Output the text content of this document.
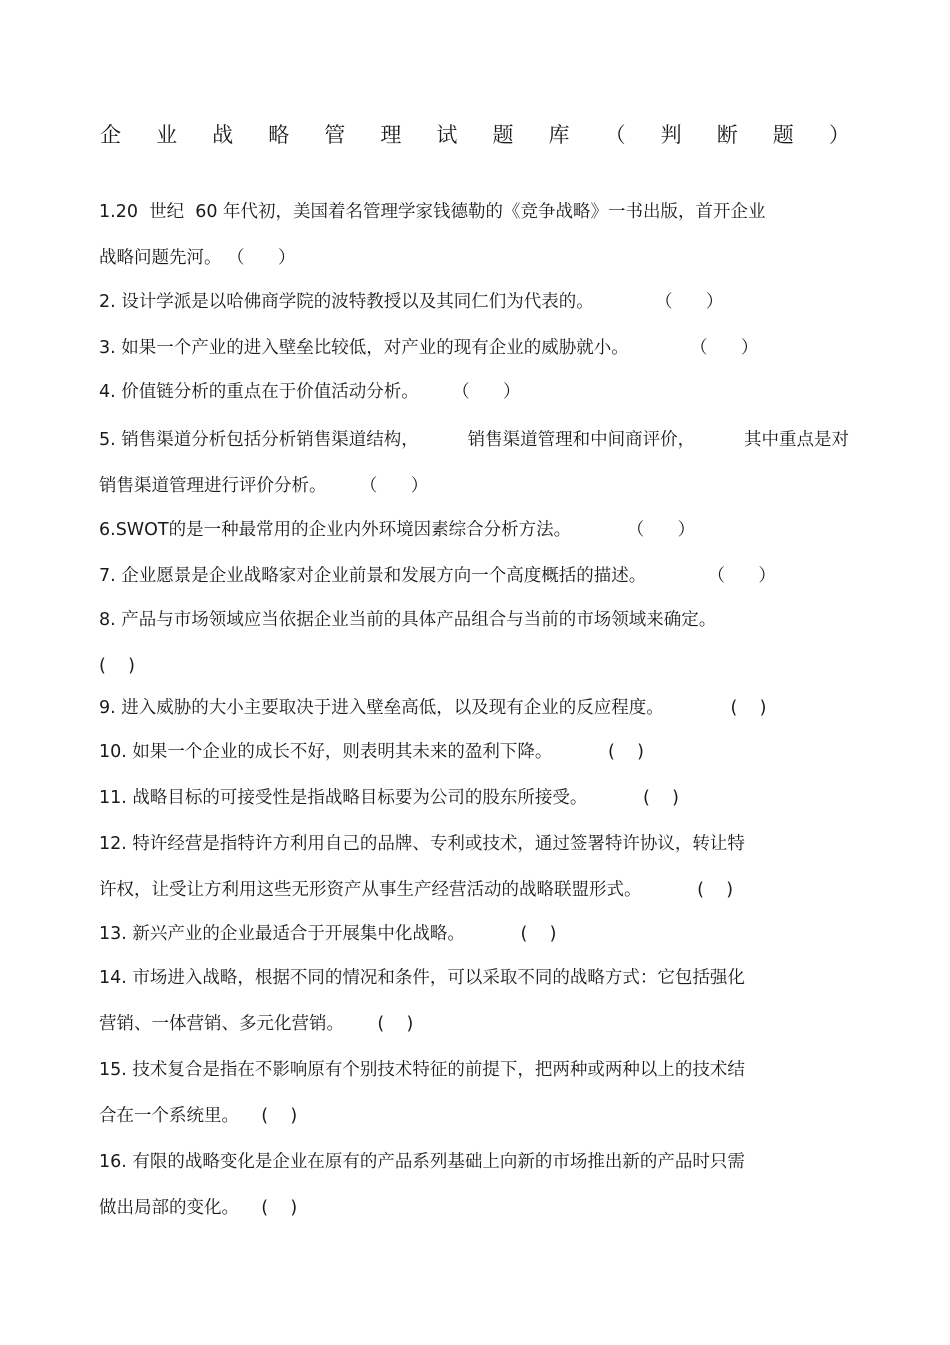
企 业 战 略 管 理 试 题 库 （ 判 断 题 ）
1.20  世纪  60 年代初，美国着名管理学家钱德勒的《竞争战略》一书出版，首开企业
战略问题先河。 （      ）
2. 设计学派是以哈佛商学院的波特教授以及其同仁们为代表的。           （      ）
3. 如果一个产业的进入壁垒比较低，对产业的现有企业的威胁就小。           （      ）
4. 价值链分析的重点在于价值活动分析。      （      ）
5. 销售渠道分析包括分析销售渠道结构，	销售渠道管理和中间商评价，	其中重点是对
销售渠道管理进行评价分析。      （      ）
6.SWOT的是一种最常用的企业内外环境因素综合分析方法。          （      ）
7. 企业愿景是企业战略家对企业前景和发展方向一个高度概括的描述。           （      ）
8. 产品与市场领域应当依据企业当前的具体产品组合与当前的市场领域来确定。
(    )
9. 进入威胁的大小主要取决于进入壁垒高低，以及现有企业的反应程度。            (    )
10. 如果一个企业的成长不好，则表明其未来的盈利下降。          (    )
11. 战略目标的可接受性是指战略目标要为公司的股东所接受。          (    )
12. 特许经营是指特许方利用自己的品牌、专利或技术，通过签署特许协议，转让特
许权，让受让方利用这些无形资产从事生产经营活动的战略联盟形式。          (    )
13. 新兴产业的企业最适合于开展集中化战略。          (    )
14. 市场进入战略，根据不同的情况和条件，可以采取不同的战略方式：它包括强化
营销、一体营销、多元化营销。      (    )
15. 技术复合是指在不影响原有个别技术特征的前提下，把两种或两种以上的技术结
合在一个系统里。    (    )
16. 有限的战略变化是企业在原有的产品系列基础上向新的市场推出新的产品时只需
做出局部的变化。    (    )
